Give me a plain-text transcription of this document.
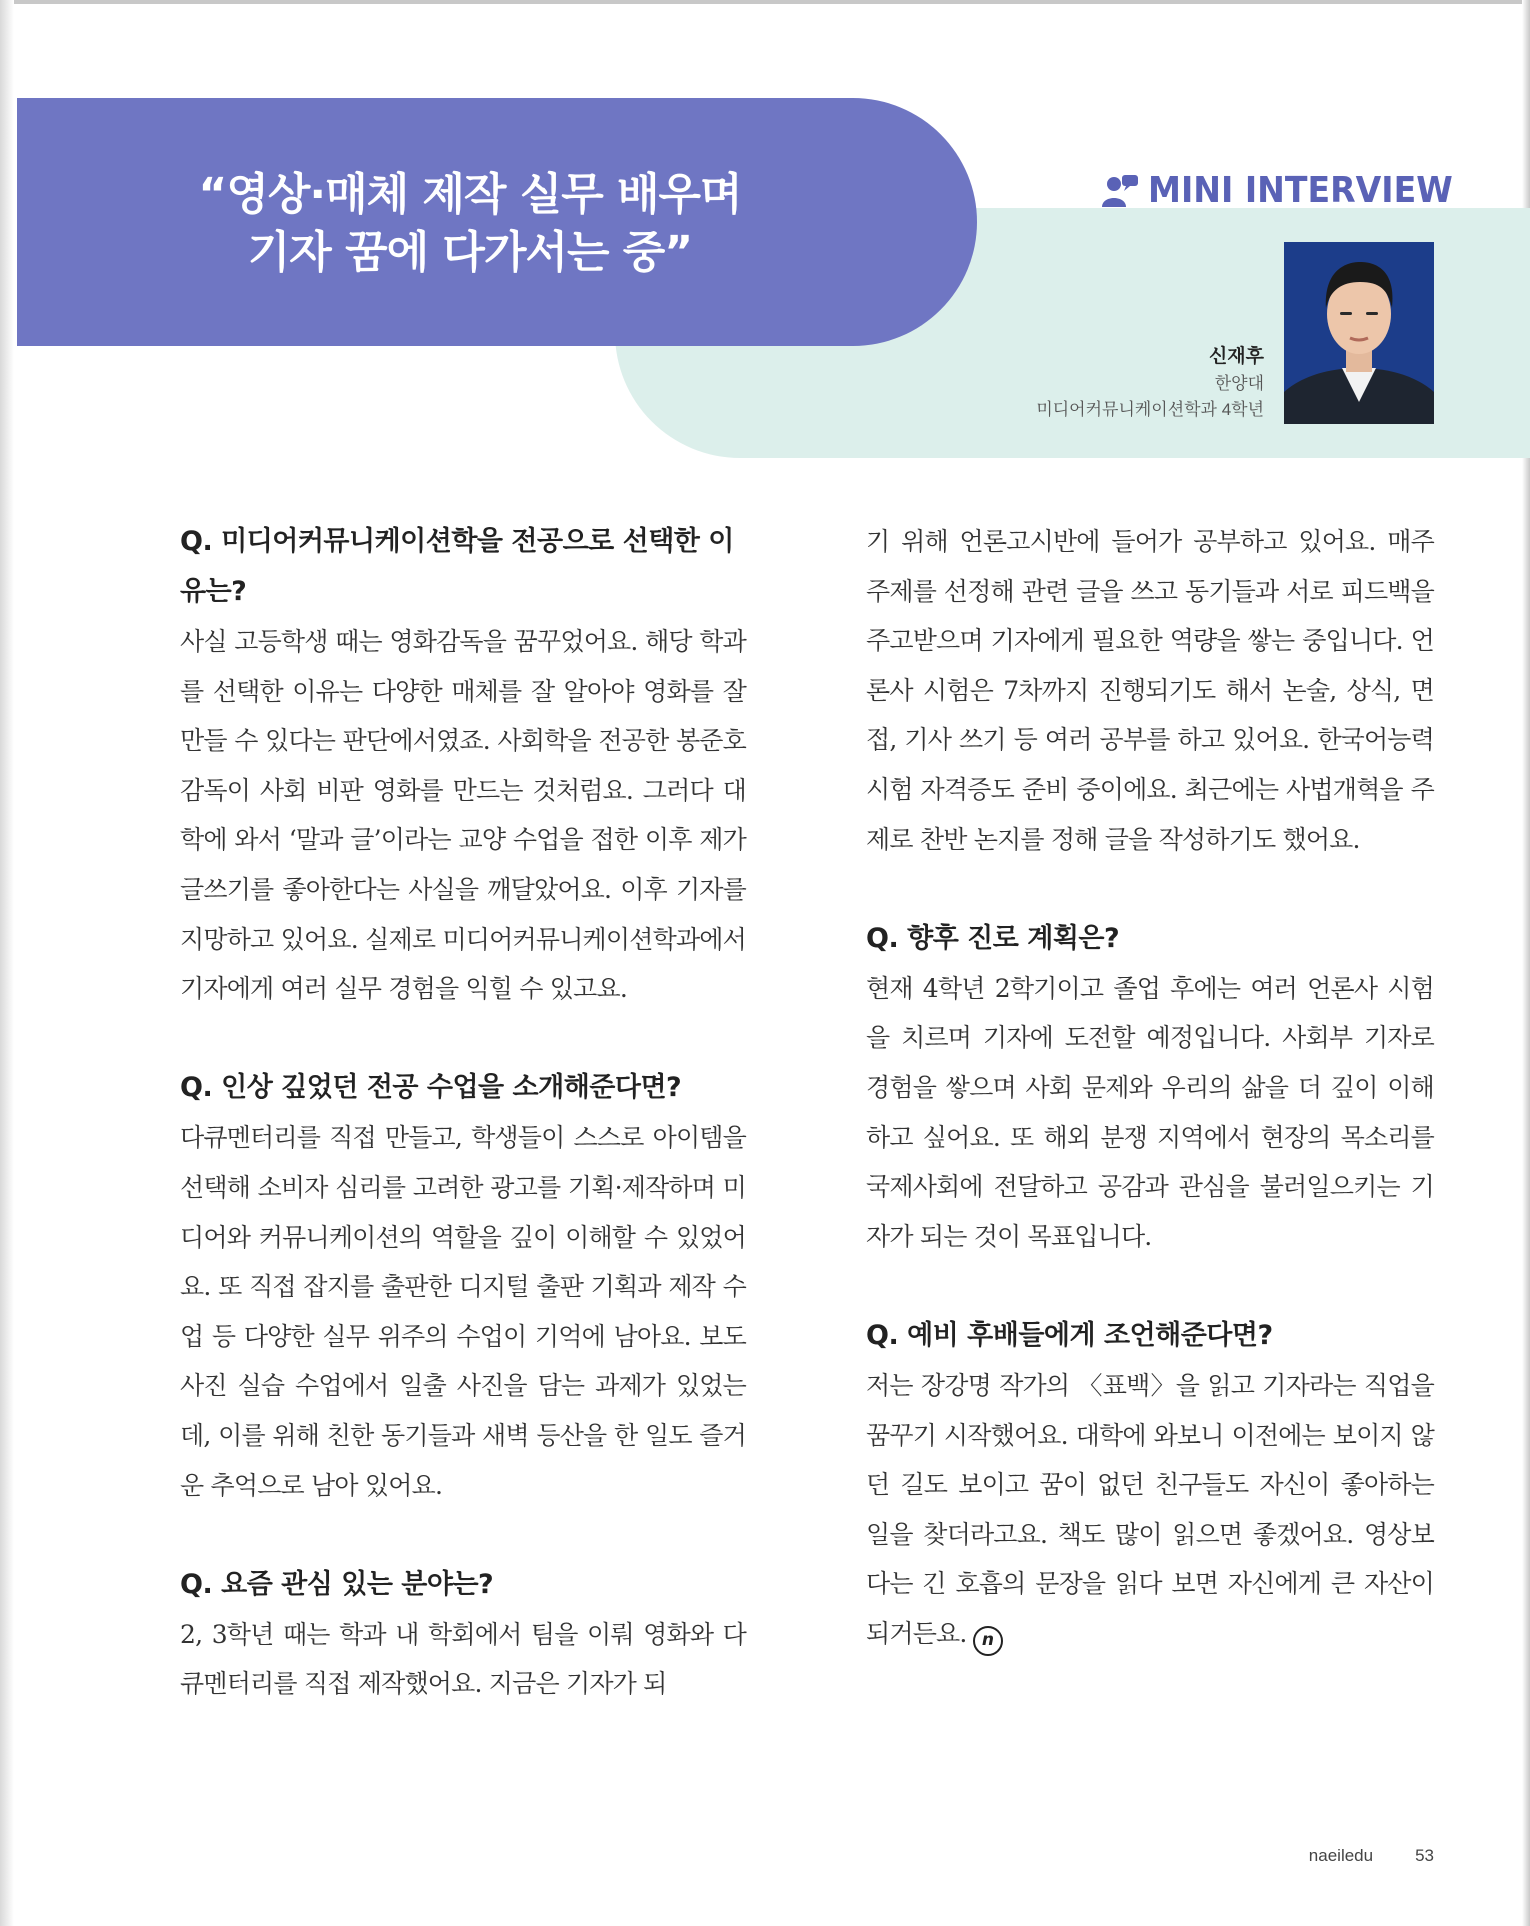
“영상·매체 제작 실무 배우며
기자 꿈에 다가서는 중”
MINI INTERVIEW
신재후
한양대
미디어커뮤니케이션학과 4학년

Q. 미디어커뮤니케이션학을 전공으로 선택한 이유는?

사실 고등학생 때는 영화감독을 꿈꾸었어요. 해당 학과를 선택한 이유는 다양한 매체를 잘 알아야 영화를 잘 만들 수 있다는 판단에서였죠. 사회학을 전공한 봉준호 감독이 사회 비판 영화를 만드는 것처럼요. 그러다 대학에 와서 ‘말과 글’이라는 교양 수업을 접한 이후 제가 글쓰기를 좋아한다는 사실을 깨달았어요. 이후 기자를 지망하고 있어요. 실제로 미디어커뮤니케이션학과에서 기자에게 여러 실무 경험을 익힐 수 있고요.

Q. 인상 깊었던 전공 수업을 소개해준다면?

다큐멘터리를 직접 만들고, 학생들이 스스로 아이템을 선택해 소비자 심리를 고려한 광고를 기획·제작하며 미디어와 커뮤니케이션의 역할을 깊이 이해할 수 있었어요. 또 직접 잡지를 출판한 디지털 출판 기획과 제작 수업 등 다양한 실무 위주의 수업이 기억에 남아요. 보도사진 실습 수업에서 일출 사진을 담는 과제가 있었는데, 이를 위해 친한 동기들과 새벽 등산을 한 일도 즐거운 추억으로 남아 있어요.

Q. 요즘 관심 있는 분야는?

2, 3학년 때는 학과 내 학회에서 팀을 이뤄 영화와 다큐멘터리를 직접 제작했어요. 지금은 기자가 되

기 위해 언론고시반에 들어가 공부하고 있어요. 매주 주제를 선정해 관련 글을 쓰고 동기들과 서로 피드백을 주고받으며 기자에게 필요한 역량을 쌓는 중입니다. 언론사 시험은 7차까지 진행되기도 해서 논술, 상식, 면접, 기사 쓰기 등 여러 공부를 하고 있어요. 한국어능력시험 자격증도 준비 중이에요. 최근에는 사법개혁을 주제로 찬반 논지를 정해 글을 작성하기도 했어요.

Q. 향후 진로 계획은?

현재 4학년 2학기이고 졸업 후에는 여러 언론사 시험을 치르며 기자에 도전할 예정입니다. 사회부 기자로 경험을 쌓으며 사회 문제와 우리의 삶을 더 깊이 이해하고 싶어요. 또 해외 분쟁 지역에서 현장의 목소리를 국제사회에 전달하고 공감과 관심을 불러일으키는 기자가 되는 것이 목표입니다.

Q. 예비 후배들에게 조언해준다면?

저는 장강명 작가의 〈표백〉을 읽고 기자라는 직업을 꿈꾸기 시작했어요. 대학에 와보니 이전에는 보이지 않던 길도 보이고 꿈이 없던 친구들도 자신이 좋아하는 일을 찾더라고요. 책도 많이 읽으면 좋겠어요. 영상보다는 긴 호흡의 문장을 읽다 보면 자신에게 큰 자산이 되거든요. n

naeiledu 53
